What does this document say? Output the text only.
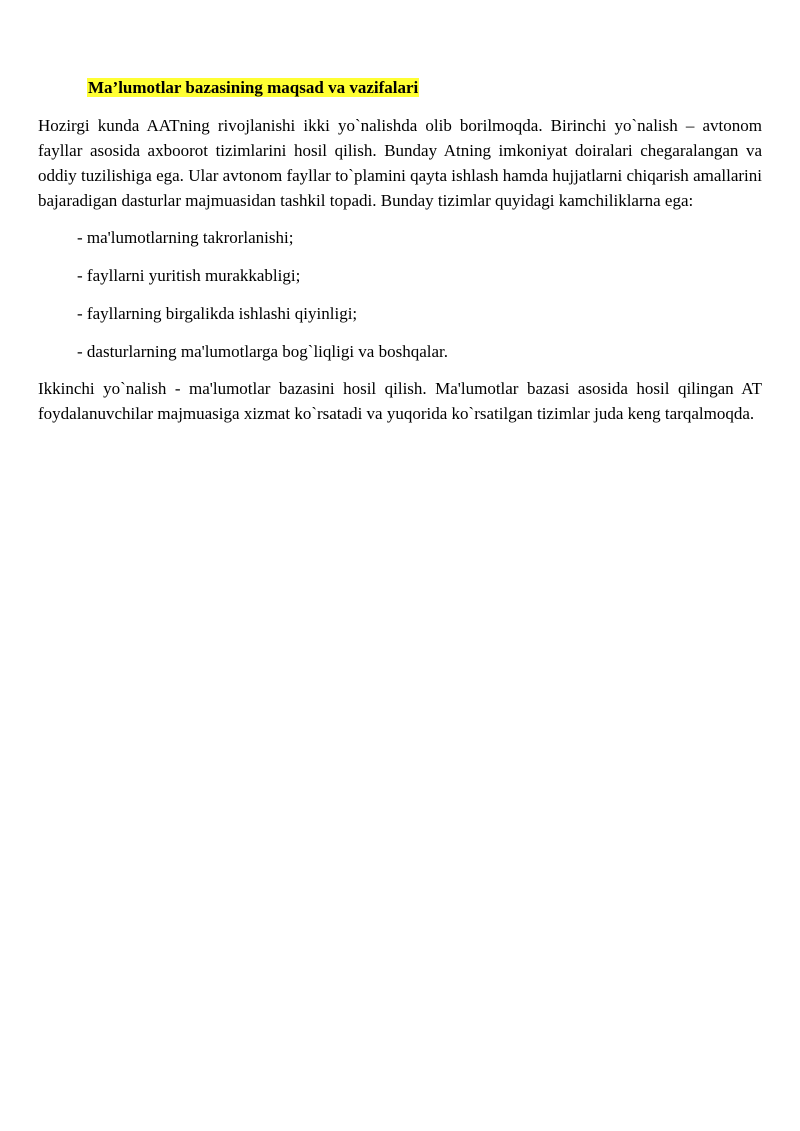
Ma’lumotlar bazasining maqsad va vazifalari

Hozirgi kunda AATning rivojlanishi ikki yo`nalishda olib borilmoqda. Birinchi yo`nalish – avtonom fayllar asosida axboorot tizimlarini hosil qilish. Bunday Atning imkoniyat doiralari chegaralangan va oddiy tuzilishiga ega. Ular avtonom fayllar to`plamini qayta ishlash hamda hujjatlarni chiqarish amallarini bajaradigan dasturlar majmuasidan tashkil topadi. Bunday tizimlar quyidagi kamchiliklarna ega:

- ma'lumotlarning takrorlanishi;
- fayllarni yuritish murakkabligi;
- fayllarning birgalikda ishlashi qiyinligi;
- dasturlarning ma'lumotlarga bog`liqligi va boshqalar.

Ikkinchi yo`nalish - ma'lumotlar bazasini hosil qilish. Ma'lumotlar bazasi asosida hosil qilingan AT foydalanuvchilar majmuasiga xizmat ko`rsatadi va yuqorida ko`rsatilgan tizimlar juda keng tarqalmoqda.
